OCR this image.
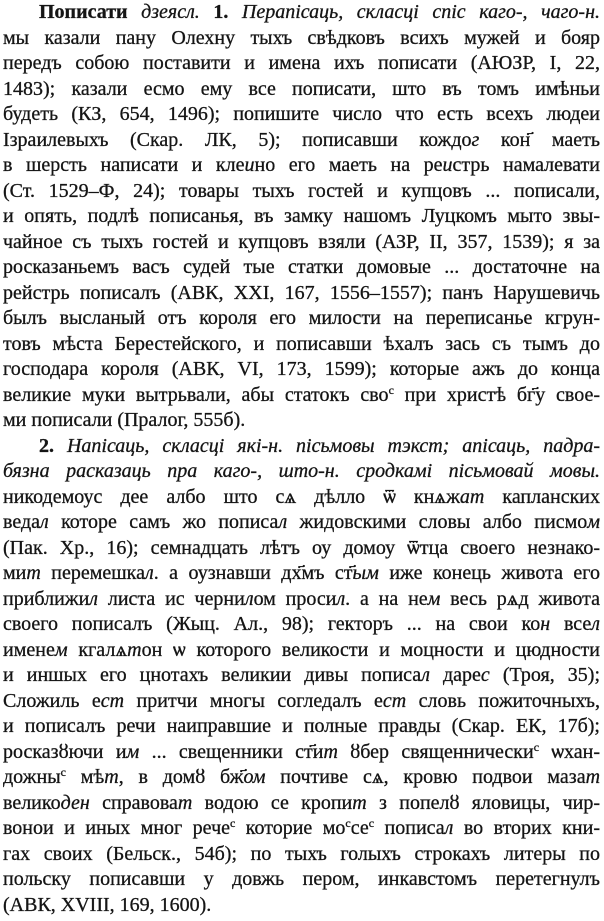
Пописати дзеясл. 1. Перапісаць, скласці спіс каго-, чаго-н.
мы казали пану Олехну тыхъ свѣдковъ всихъ мужей и бояр
передъ собою поставити и имена ихъ пописати (АЮЗР, І, 22,
1483); казали есмо ему все пописати, што въ томъ имѣньи
будеть (КЗ, 654, 1496); попишите число что есть всехъ людеи
Ізраилевыхъ (Скар. ЛК, 5); пописавши кождог кон҃ маеть
в шерсть написати и клеино его маеть на реистрь намалевати
(Ст. 1529–Ф, 24); товары тыхъ гостей и купцовъ ... пописали,
и опять, подлѣ пописанья, въ замку нашомъ Луцкомъ мыто звы-
чайное съ тыхъ гостей и купцовъ взяли (АЗР, II, 357, 1539); я за
росказаньемъ васъ судей тые статки домовые ... достаточне на
рейстрь пописалъ (АВК, XXI, 167, 1556–1557); панъ Нарушевичь
былъ высланый отъ короля его милости на переписанье кгрун-
товъ мѣста Берестейского, и пописавши ѣхалъ зась съ тымъ до
господара короля (АВК, VI, 173, 1599); которые ажъ до конца
великие муки вытрьвали, абы статокъ сво$^с$ при христѣ бг҃у свое-
ми пописали (Пралог, 555б).
2. Напісаць, скласці які-н. пісьмовы тэкст; апісаць, падра-
бязна расказаць пра каго-, што-н. сродкамі пісьмовай мовы.
никодемоус дее албо што сѧ дѣлло ѿ кнѧжат капланских
ведал которе самъ жо пописал жидовскими словы албо писмом
(Пак. Хр., 16); семнадцать лѣтъ оу домоу ѿтца своего незнако-
мит перемешкал. а оузнавши дх҃мъ ст҃ым иже конець живота его
приближил листа ис чернилом просил. а на нем весь рѧд живота
своего пописалъ (Жыц. Ал., 98); гекторъ ... на свои кон всел
именем кгалѧтон ѡ которого великости и моцности и цюдности
и иншых его цнотахъ великии дивы пописал дарес (Троя, 35);
Сложиль ест притчи многы согледалъ ест словь пожиточныхъ,
и пописалъ речи наиправшие и полные правды (Скар. ЕК, 17б);
росказȣючи им ... свещенники ст҃ит ȣбер священнически$^с$ ѡхан-
дожны$^с$ мѣт, в домȣ бж҃ом почтиве сѧ, кровю подвои мазат
великоден справоват водою се кропит з попелȣ яловицы, чир-
вонои и иных мног рече$^с$ которие $мо^ссе^с$ пописал во вторих кни-
гах своих (Бельск., 54б); по тыхъ голыхъ строкахъ литеры по
польску пописавши у довжь пером, инкавстомъ перетегнулъ
(АВК, XVIII, 169, 1600).
